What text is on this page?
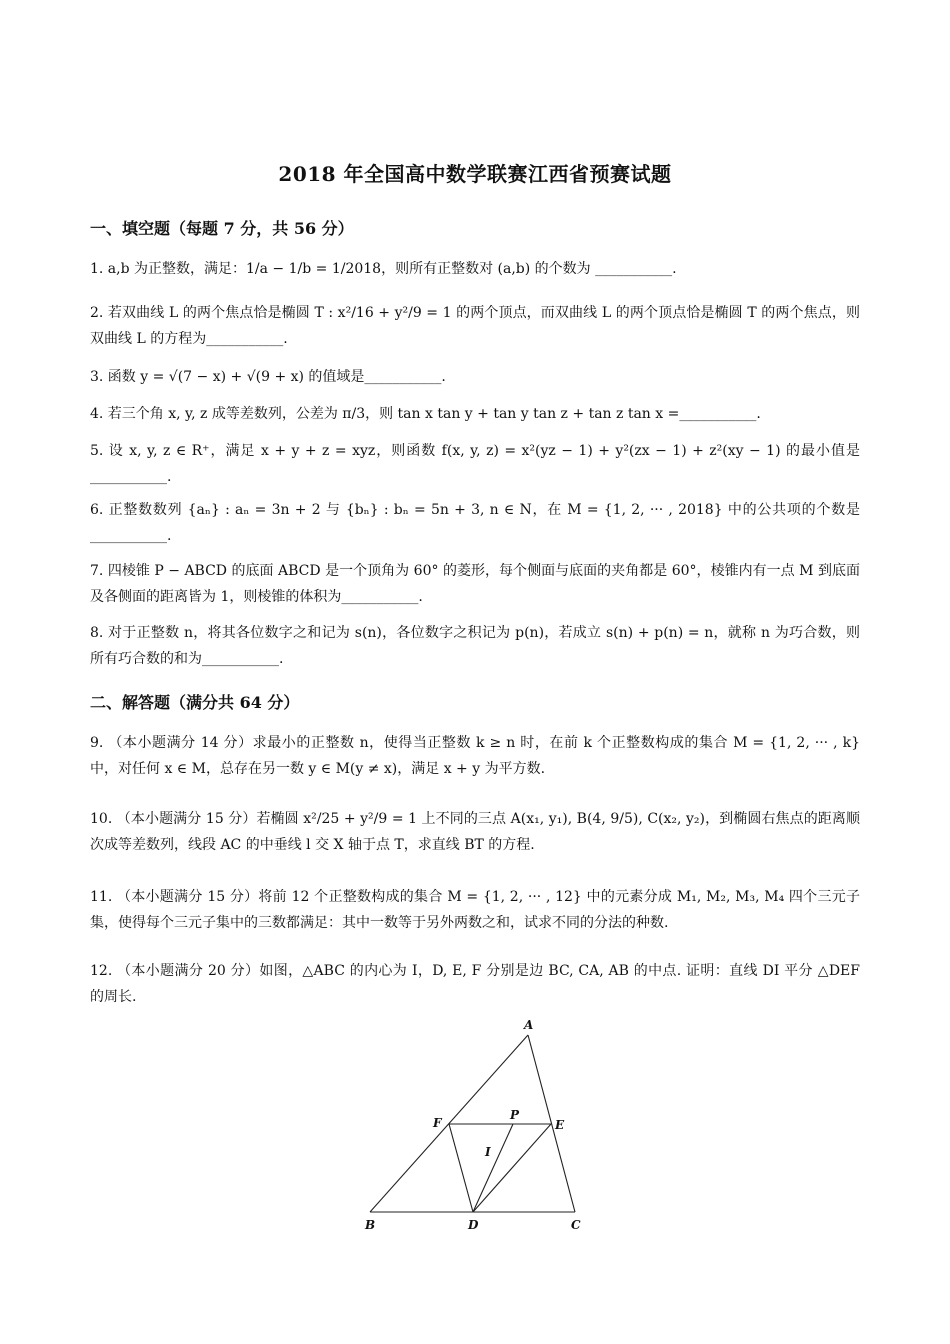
2018 年全国高中数学联赛江西省预赛试题
一、填空题（每题 7 分，共 56 分）
1. a,b 为正整数，满足：1/a − 1/b = 1/2018，则所有正整数对 (a,b) 的个数为 ___________.
2. 若双曲线 L 的两个焦点恰是椭圆 T : x²/16 + y²/9 = 1 的两个顶点，而双曲线 L 的两个顶点恰是椭圆 T 的两个焦点，则双曲线 L 的方程为___________.
3. 函数 y = √(7 − x) + √(9 + x) 的值域是___________.
4. 若三个角 x, y, z 成等差数列，公差为 π/3，则 tan x tan y + tan y tan z + tan z tan x =___________.
5. 设 x, y, z ∈ R⁺，满足 x + y + z = xyz，则函数 f(x, y, z) = x²(yz − 1) + y²(zx − 1) + z²(xy − 1) 的最小值是 ___________.
6. 正整数数列 {aₙ} : aₙ = 3n + 2 与 {bₙ} : bₙ = 5n + 3, n ∈ N，在 M = {1, 2, ··· , 2018} 中的公共项的个数是___________.
7. 四棱锥 P − ABCD 的底面 ABCD 是一个顶角为 60° 的菱形，每个侧面与底面的夹角都是 60°，棱锥内有一点 M 到底面及各侧面的距离皆为 1，则棱锥的体积为___________.
8. 对于正整数 n，将其各位数字之和记为 s(n)，各位数字之积记为 p(n)，若成立 s(n) + p(n) = n，就称 n 为巧合数，则所有巧合数的和为___________.
二、解答题（满分共 64 分）
9. （本小题满分 14 分）求最小的正整数 n，使得当正整数 k ≥ n 时，在前 k 个正整数构成的集合 M = {1, 2, ··· , k} 中，对任何 x ∈ M，总存在另一数 y ∈ M(y ≠ x)，满足 x + y 为平方数.
10. （本小题满分 15 分）若椭圆 x²/25 + y²/9 = 1 上不同的三点 A(x₁, y₁), B(4, 9/5), C(x₂, y₂)，到椭圆右焦点的距离顺次成等差数列，线段 AC 的中垂线 l 交 X 轴于点 T，求直线 BT 的方程.
11. （本小题满分 15 分）将前 12 个正整数构成的集合 M = {1, 2, ··· , 12} 中的元素分成 M₁, M₂, M₃, M₄ 四个三元子集，使得每个三元子集中的三数都满足：其中一数等于另外两数之和，试求不同的分法的种数.
12. （本小题满分 20 分）如图，△ABC 的内心为 I，D, E, F 分别是边 BC, CA, AB 的中点. 证明：直线 DI 平分 △DEF 的周长.
A
B	C
D
E
F
P
I
